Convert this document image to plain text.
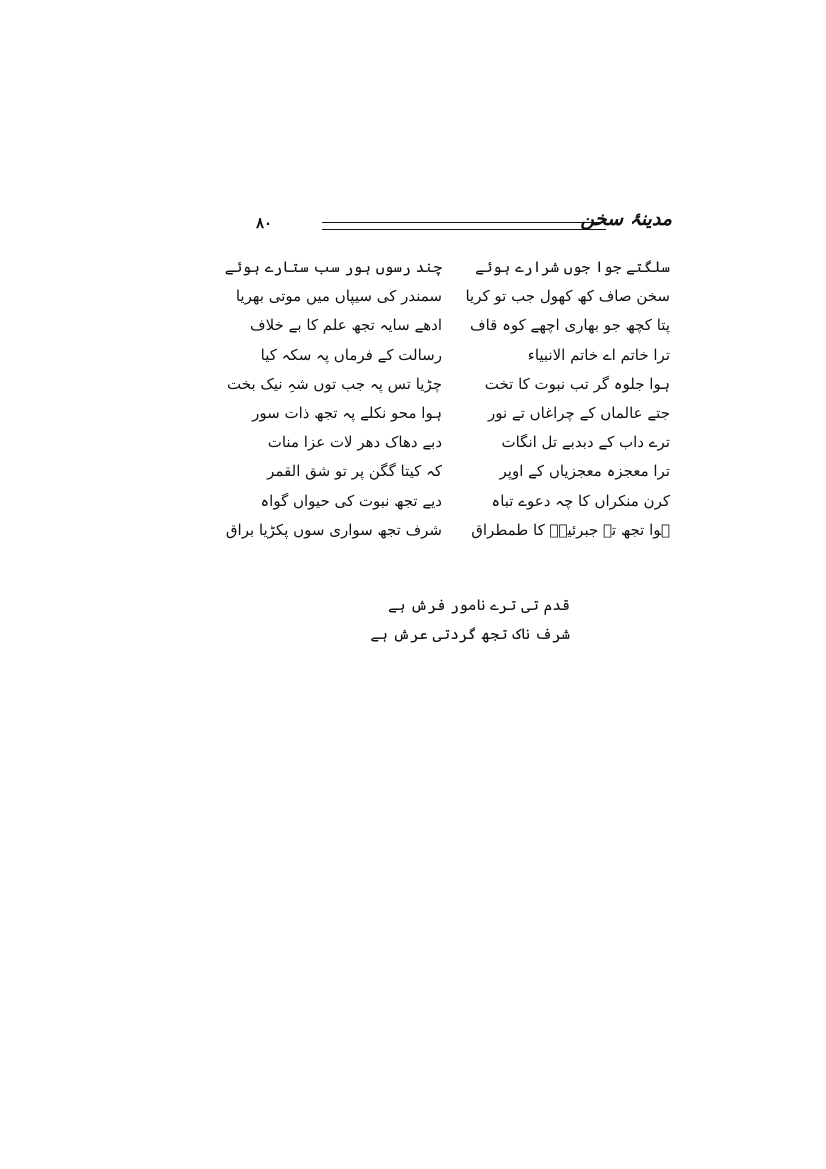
۸۰	مدینۂ سخن
سلگتے جوا جوں شرارے ہوئے
چند رسوں ہور سب ستارے ہوئے
سخن صاف کھ کھول جب تو کریا
سمندر کی سیپاں میں موتی بھریا
پتا کچھ جو بھاری اچھے کوہ قاف
ادھے سایہ تجھ علم کا بے خلاف
ترا خاتم اے خاتم الانبیاء
رسالت کے فرماں پہ سکہ کیا
ہوا جلوہ گر تب نبوت کا تخت
چڑیا تس پہ جب توں شہِ نیک بخت
جتے عالماں کے چراغاں تے نور
ہوا محو نکلے پہ تجھ ذات سور
ترے داب کے دبدبے تل انگات
دبے دھاک دھر لات عزا منات
ترا معجزہ معجزیاں کے اوپر
کہ کیتا گگن پر تو شق القمر
کرن منکراں کا چہ دعوے تباہ
دیے تجھ نبوت کی حیواں گواہ
ہوا تجھ تے جبرئیلؑ کا طمطراق
شرف تجھ سواری سوں پکڑیا براق
قدم تی ترے نامور فرش ہے
شرف ناک تجھ گردتی عرش ہے
